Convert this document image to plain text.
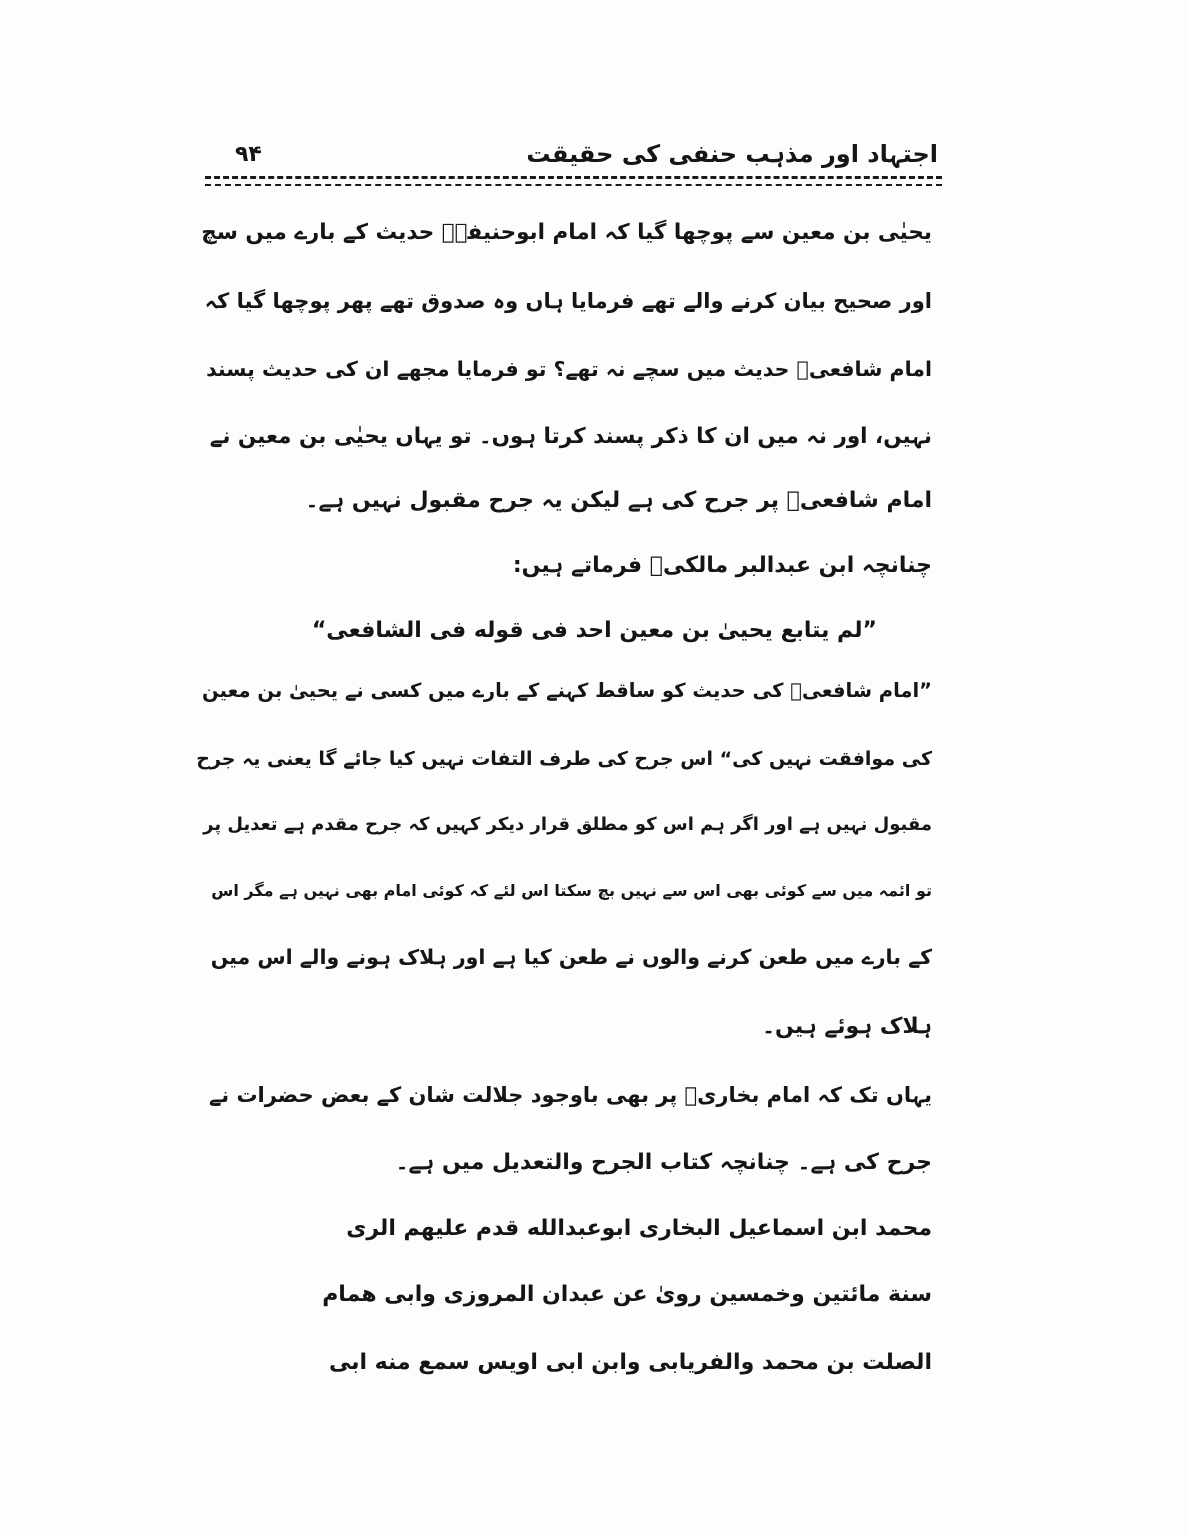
۹۴	اجتہاد اور مذہب حنفی کی حقیقت
یحیٰی بن معین سے پوچھا گیا کہ امام ابوحنیفہؒ حدیث کے بارے میں سچ
اور صحیح بیان کرنے والے تھے فرمایا ہاں وہ صدوق تھے پھر پوچھا گیا کہ
امام شافعیؒ حدیث میں سچے نہ تھے؟ تو فرمایا مجھے ان کی حدیث پسند
نہیں، اور نہ میں ان کا ذکر پسند کرتا ہوں۔ تو یہاں یحیٰی بن معین نے
امام شافعیؒ پر جرح کی ہے لیکن یہ جرح مقبول نہیں ہے۔
چنانچہ ابن عبدالبر مالکیؒ فرماتے ہیں:
”لم یتابع یحییٰ بن معین احد فی قوله فی الشافعی“
”امام شافعیؒ کی حدیث کو ساقط کہنے کے بارے میں کسی نے یحییٰ بن معین
کی موافقت نہیں کی“ اس جرح کی طرف التفات نہیں کیا جائے گا یعنی یہ جرح
مقبول نہیں ہے اور اگر ہم اس کو مطلق قرار دیکر کہیں کہ جرح مقدم ہے تعدیل پر
تو ائمہ میں سے کوئی بھی اس سے نہیں بچ سکتا اس لئے کہ کوئی امام بھی نہیں ہے مگر اس
کے بارے میں طعن کرنے والوں نے طعن کیا ہے اور ہلاک ہونے والے اس میں
ہلاک ہوئے ہیں۔
یہاں تک کہ امام بخاریؒ پر بھی باوجود جلالت شان کے بعض حضرات نے
جرح کی ہے۔ چنانچہ کتاب الجرح والتعدیل میں ہے۔
محمد ابن اسماعیل البخاری ابوعبدالله قدم علیهم الری
سنة مائتین وخمسین روىٰ عن عبدان المروزی وابی همام
الصلت بن محمد والفریابی وابن ابی اویس سمع منه ابی
